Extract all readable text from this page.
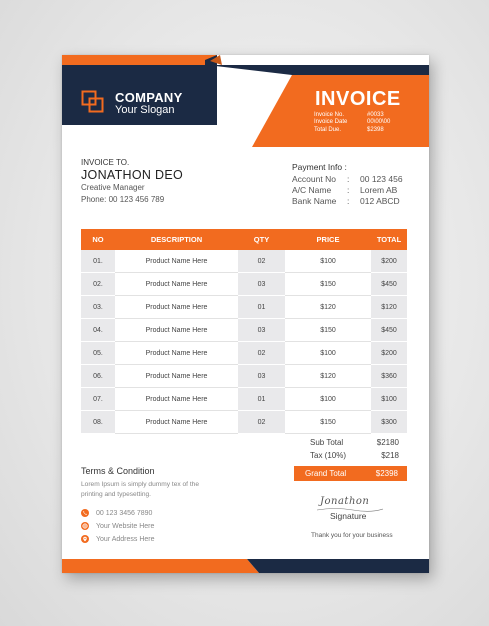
COMPANY
Your Slogan	INVOICE
Invoice No.	#0033
Invoice Date	00\00\00
Total Due.	$2398
INVOICE TO.
JONATHON DEO
Creative Manager
Phone: 00 123 456 789
Payment Info :
Account No : 00 123 456
A/C Name : Lorem AB
Bank Name : 012 ABCD
NO	DESCRIPTION	QTY	PRICE	TOTAL
01.	Product Name Here	02	$100	$200
02.	Product Name Here	03	$150	$450
03.	Product Name Here	01	$120	$120
04.	Product Name Here	03	$150	$450
05.	Product Name Here	02	$100	$200
06.	Product Name Here	03	$120	$360
07.	Product Name Here	01	$100	$100
08.	Product Name Here	02	$150	$300
Sub Total	$2180
Tax (10%)	$218
Grand Total	$2398
Terms & Condition
Lorem Ipsum is simply dummy tex of the printing and typesetting.
00 123 3456 7890
Your Website Here
Your Address Here
Jonathon
Signature
Thank you for your business
